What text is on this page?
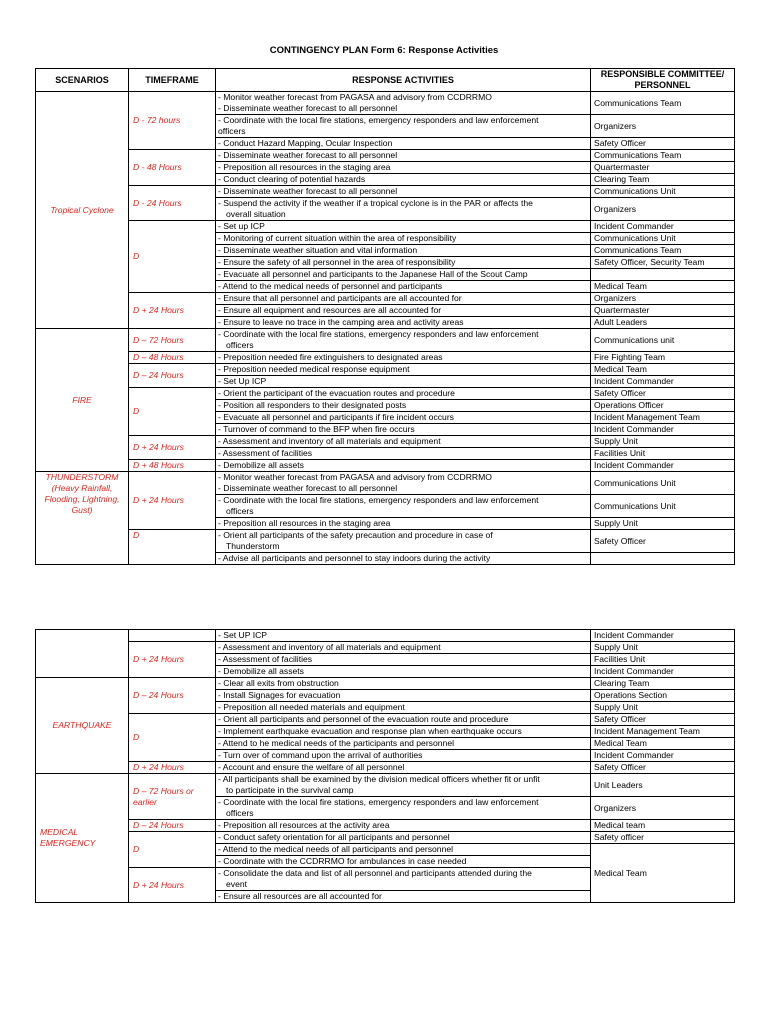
CONTINGENCY PLAN Form 6: Response Activities
SCENARIOS	TIMEFRAME	RESPONSE ACTIVITIES	RESPONSIBLE COMMITTEE/ PERSONNEL
Tropical Cyclone	D - 72 hours	- Monitor weather forecast from PAGASA and advisory from CCDRRMO
- Disseminate weather forecast to all personnel	Communications Team

		- Coordinate with the local fire stations, emergency responders and law enforcement
officers	Organizers
		- Conduct Hazard Mapping, Ocular Inspection	Safety Officer
	D - 48 Hours	- Disseminate weather forecast to all personnel	Communications Team
		- Preposition all resources in the staging area	Quartermaster
		- Conduct clearing of potential hazards	Clearing Team
	D - 24 Hours	- Disseminate weather forecast to all personnel	Communications Unit

		- Suspend the activity if the weather if a tropical cyclone is in the PAR or affects the
overall situation	Organizers
	D	- Set up ICP	Incident Commander
		- Monitoring of current situation within the area of responsibility	Communications Unit
		- Disseminate weather situation and vital information	Communications Team
		- Ensure the safety of all personnel in the area of responsibility	Safety Officer, Security Team
		- Evacuate all personnel and participants to the Japanese Hall of the Scout Camp	
		- Attend to the medical needs of personnel and participants	Medical Team
	D + 24 Hours	- Ensure that all personnel and participants are all accounted for	Organizers
		- Ensure all equipment and resources are all accounted for	Quartermaster
		- Ensure to leave no trace in the camping area and activity areas	Adult Leaders
FIRE	D – 72 Hours	- Coordinate with the local fire stations, emergency responders and law enforcement
officers	Communications unit
	D – 48 Hours	- Preposition needed fire extinguishers to designated areas	Fire Fighting Team
	D – 24 Hours	- Preposition needed medical response equipment	Medical Team
		- Set Up ICP	Incident Commander
	D	- Orient the participant of the evacuation routes and procedure	Safety Officer
		- Position all responders to their designated posts	Operations Officer
		- Evacuate all personnel and participants if fire incident occurs	Incident Management Team
		- Turnover of command to the BFP when fire occurs	Incident Commander
	D + 24 Hours	- Assessment and inventory of all materials and equipment	Supply Unit
		- Assessment of facilities	Facilities Unit
	D + 48 Hours	- Demobilize all assets	Incident Commander
THUNDERSTORM (Heavy Rainfall, Flooding, Lightning, Gust)	D + 24 Hours	- Monitor weather forecast from PAGASA and advisory from CCDRRMO
- Disseminate weather forecast to all personnel	Communications Unit

		- Coordinate with the local fire stations, emergency responders and law enforcement
officers	Communications Unit
		- Preposition all resources in the staging area	Supply Unit
	D	- Orient all participants of the safety precaution and procedure in case of
Thunderstorm	Safety Officer
		- Advise all participants and personnel to stay indoors during the activity	
		- Set UP ICP	Incident Commander
	D + 24 Hours	- Assessment and inventory of all materials and equipment	Supply Unit
		- Assessment of facilities	Facilities Unit
		- Demobilize all assets	Incident Commander
EARTHQUAKE	D – 24 Hours	- Clear all exits from obstruction	Clearing Team
		- Install Signages for evacuation	Operations Section
		- Preposition all needed materials and equipment	Supply Unit
	D	- Orient all participants and personnel of the evacuation route and procedure	Safety Officer
		- Implement earthquake evacuation and response plan when earthquake occurs	Incident Management Team
		- Attend to he medical needs of the participants and personnel	Medical Team
		- Turn over of command upon the arrival of authorities	Incident Commander
	D + 24 Hours	- Account and ensure the welfare of all personnel	Safety Officer
MEDICAL EMERGENCY	D – 72 Hours or earlier	- All participants shall be examined by the division medical officers whether fit or unfit
to participate in the survival camp	Unit Leaders

		- Coordinate with the local fire stations, emergency responders and law enforcement
officers	Organizers
	D – 24 Hours	- Preposition all resources at the activity area	Medical team
	D	- Conduct safety orientation for all participants and personnel	Safety officer
		- Attend to the medical needs of all participants and personnel	Medical Team
		- Coordinate with the CCDRRMO for ambulances in case needed	
	D + 24 Hours	- Consolidate the data and list of all personnel and participants attended during the
event	

		- Ensure all resources are all accounted for	
